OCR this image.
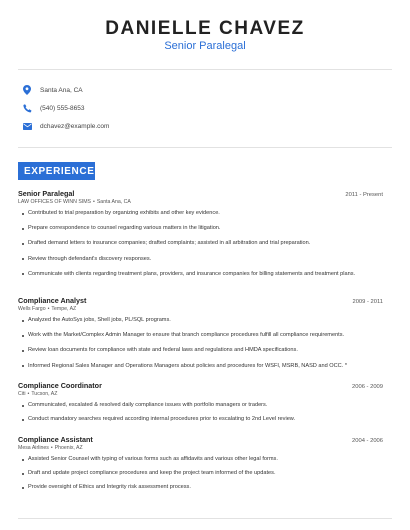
DANIELLE CHAVEZ
Senior Paralegal
Santa Ana, CA
(540) 555-8653
dchavez@example.com
EXPERIENCE
Senior Paralegal	2011 - Present
LAW OFFICES OF WINN SIMS • Santa Ana, CA
Contributed to trial preparation by organizing exhibits and other key evidence.
Prepare correspondence to counsel regarding various matters in the litigation.
Drafted demand letters to insurance companies; drafted complaints; assisted in all arbitration and trial preparation.
Review through defendant's discovery responses.
Communicate with clients regarding treatment plans, providers, and insurance companies for billing statements and treatment plans.
Compliance Analyst	2009 - 2011
Wells Fargo • Tempe, AZ
Analyzed the AutoSys jobs, Shell jobs, PL/SQL programs.
Work with the Market/Complex Admin Manager to ensure that branch compliance procedures fulfill all compliance requirements.
Review loan documents for compliance with state and federal laws and regulations and HMDA specifications.
Informed Regional Sales Manager and Operations Managers about policies and procedures for WSFI, MSRB, NASD and OCC. *
Compliance Coordinator	2006 - 2009
Citi • Tucson, AZ
Communicated, escalated & resolved daily compliance issues with portfolio managers or traders.
Conduct mandatory searches required according internal procedures prior to escalating to 2nd Level review.
Compliance Assistant	2004 - 2006
Mesa Airlines • Phoenix, AZ
Assisted Senior Counsel with typing of various forms such as affidavits and various other legal forms.
Draft and update project compliance procedures and keep the project team informed of the updates.
Provide oversight of Ethics and Integrity risk assessment process.
